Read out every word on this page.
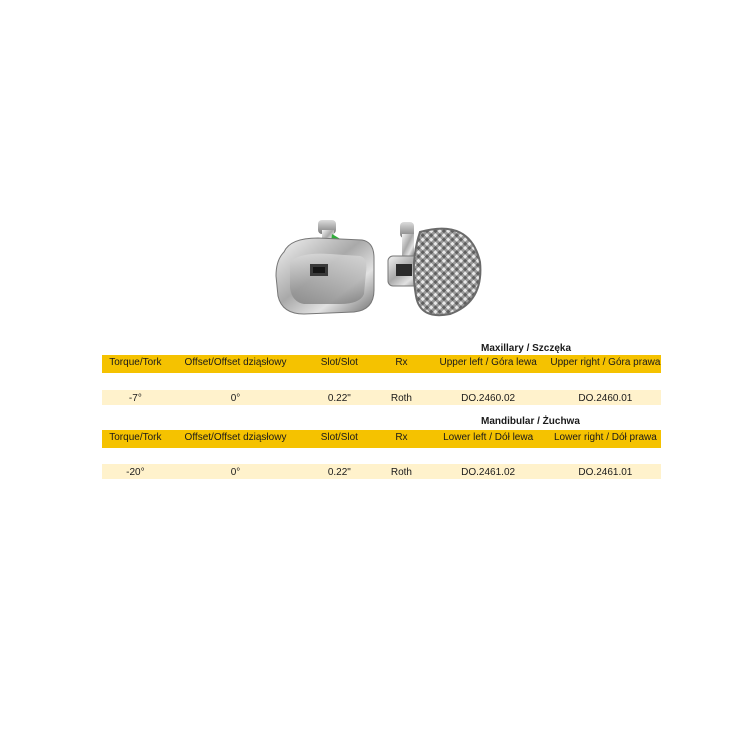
Maxillary / Szczęka
Torque/Tork	Offset/Offset dziąsłowy	Slot/Slot	Rx	Upper left / Góra lewa	Upper right / Góra prawa
-7°	0°	0.22"	Roth	DO.2460.02	DO.2460.01
Mandibular / Żuchwa
Torque/Tork	Offset/Offset dziąsłowy	Slot/Slot	Rx	Lower left / Dół lewa	Lower right / Dół prawa
-20°	0°	0.22"	Roth	DO.2461.02	DO.2461.01
